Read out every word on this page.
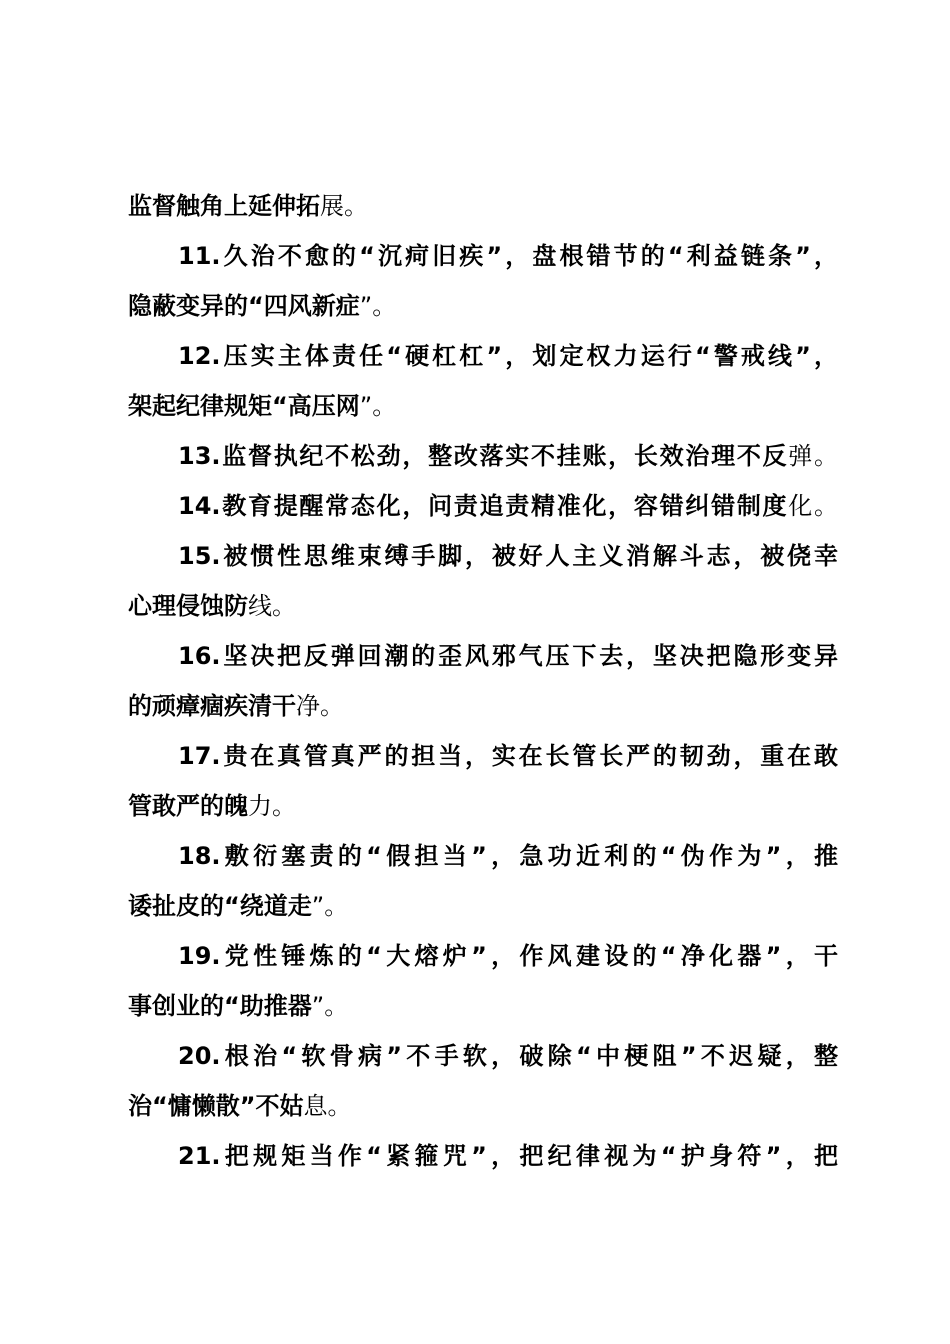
监督触角上延伸拓展。
11.久治不愈的“沉疴旧疾”，盘根错节的“利益链条”，
隐蔽变异的“四风新症”。
12.压实主体责任“硬杠杠”，划定权力运行“警戒线”，
架起纪律规矩“高压网”。
13.监督执纪不松劲，整改落实不挂账，长效治理不反弹。
14.教育提醒常态化，问责追责精准化，容错纠错制度化。
15.被惯性思维束缚手脚，被好人主义消解斗志，被侥幸
心理侵蚀防线。
16.坚决把反弹回潮的歪风邪气压下去，坚决把隐形变异
的顽瘴痼疾清干净。
17.贵在真管真严的担当，实在长管长严的韧劲，重在敢
管敢严的魄力。
18.敷衍塞责的“假担当”，急功近利的“伪作为”，推
诿扯皮的“绕道走”。
19.党性锤炼的“大熔炉”，作风建设的“净化器”，干
事创业的“助推器”。
20.根治“软骨病”不手软，破除“中梗阻”不迟疑，整
治“慵懒散”不姑息。
21.把规矩当作“紧箍咒”，把纪律视为“护身符”，把
